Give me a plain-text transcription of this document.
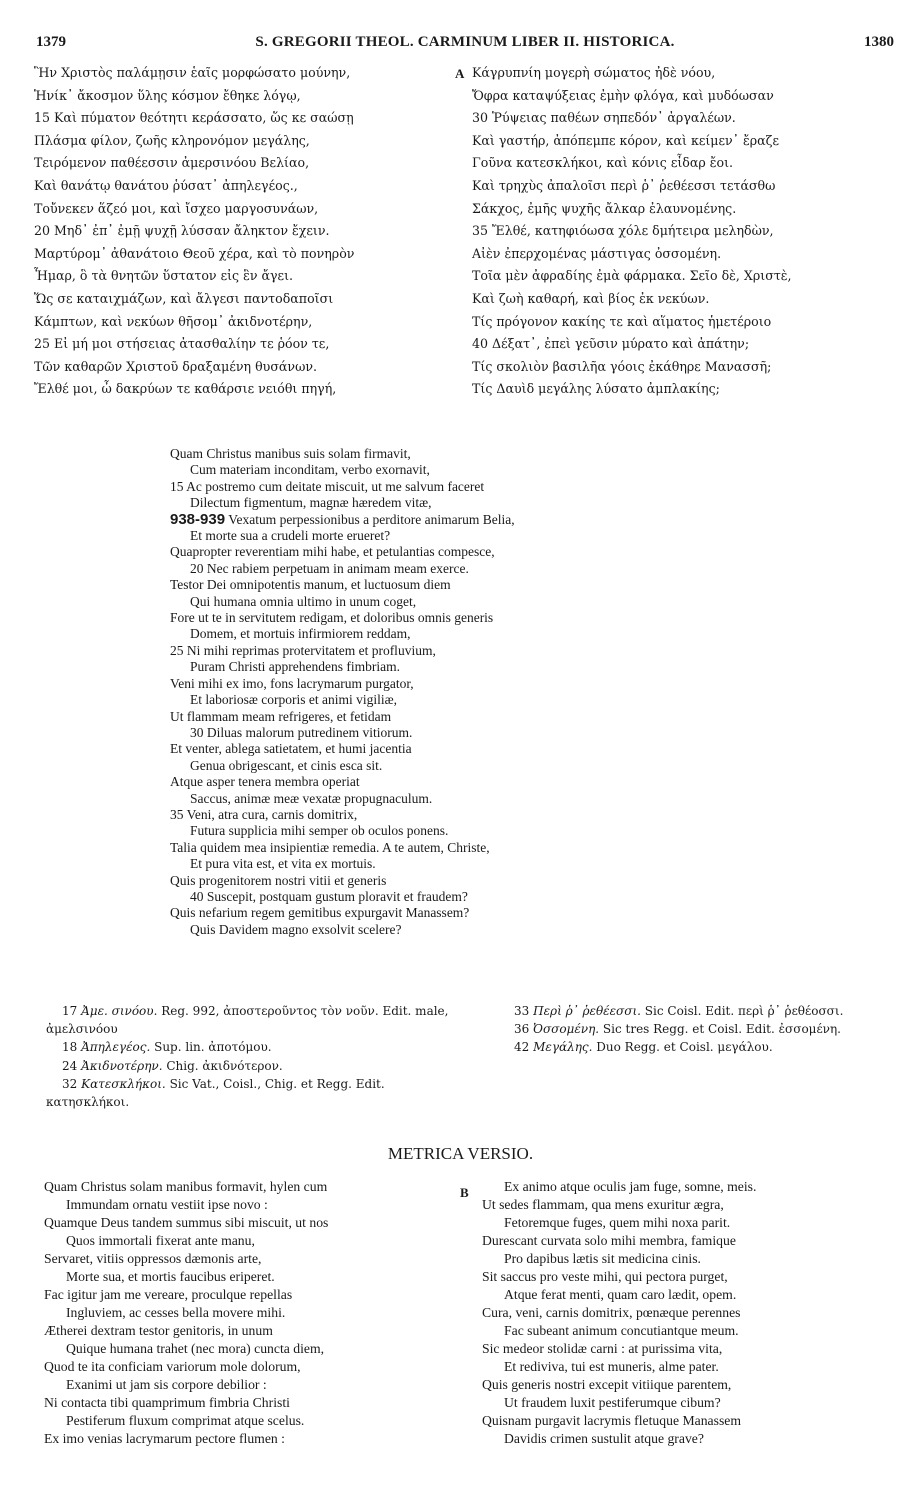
1379	S. GREGORII THEOL. CARMINUM LIBER II. HISTORICA.	1380
Ἣν Χριστὸς παλάμῃσιν ἑαῖς μορφώσατο μούνην,
Ἡνίκ᾽ ἄκοσμον ὕλης κόσμον ἔθηκε λόγῳ,
15 Καὶ πύματον θεότητι κεράσσατο, ὥς κε σαώσῃ
Πλάσμα φίλον, ζωῆς κληρονόμον μεγάλης,
Τειρόμενον παθέεσσιν ἀμερσινόου Βελίαο,
Καὶ θανάτῳ θανάτου ῥύσατ᾽ ἀπηλεγέος.,
Τοὔνεκεν ἅζεό μοι, καὶ ἴσχεο μαργοσυνάων,
20 Μηδ᾽ ἐπ᾽ ἐμῇ ψυχῇ λύσσαν ἄληκτον ἔχειν.
Μαρτύρομ᾽ ἀθανάτοιο Θεοῦ χέρα, καὶ τὸ πονηρὸν
Ἦμαρ, ὃ τὰ θνητῶν ὕστατον εἰς ἓν ἄγει.
Ὥς σε καταιχμάζων, καὶ ἄλγεσι παντοδαποῖσι
Κάμπτων, καὶ νεκύων θῆσομ᾽ ἀκιδνοτέρην,
25 Εἰ μή μοι στήσειας ἀτασθαλίην τε ῥόον τε,
Τῶν καθαρῶν Χριστοῦ δραξαμένη θυσάνων.
Ἔλθέ μοι, ὦ δακρύων τε καθάρσιε νειόθι πηγή,
A Κάγρυπνίη μογερὴ σώματος ἠδὲ νόου,
Ὄφρα καταψύξειας ἐμὴν φλόγα, καὶ μυδόωσαν
30 Ῥύψειας παθέων σηπεδόν᾽ ἀργαλέων.
Καὶ γαστήρ, ἀπόπεμπε κόρον, καὶ κείμεν᾽ ἔραζε
Γοῦνα κατεσκλήκοι, καὶ κόνις εἶδαρ ἔοι.
Καὶ τρηχὺς ἀπαλοῖσι περὶ ῥ᾽ ῥεθέεσσι τετάσθω
Σάκχος, ἐμῆς ψυχῆς ἄλκαρ ἐλαυνομένης.
35 Ἔλθέ, κατηφιόωσα χόλε δμήτειρα μεληδὼν,
Αἰὲν ἐπερχομένας μάστιγας ὀσσομένη.
Τοῖα μὲν ἀφραδίης ἐμὰ φάρμακα. Σεῖο δὲ, Χριστὲ,
Καὶ ζωὴ καθαρή, καὶ βίος ἐκ νεκύων.
Τίς πρόγονον κακίης τε καὶ αἵματος ἡμετέροιο
40 Δέξατ᾽, ἐπεὶ γεῦσιν μύρατο καὶ ἀπάτην;
Τίς σκολιὸν βασιλῆα γόοις ἐκάθηρε Μανασσῆ;
Τίς Δαυὶδ μεγάλης λύσατο ἀμπλακίης;
Quam Christus manibus suis solam firmavit,
Cum materiam inconditam, verbo exornavit,
15 Ac postremo cum deitate miscuit, ut me salvum faceret
Dilectum figmentum, magnæ hæredem vitæ,
938-939 Vexatum perpessionibus a perditore animarum Belia,
Et morte sua a crudeli morte erueret?
Quapropter reverentiam mihi habe, et petulantias compesce,
20 Nec rabiem perpetuam in animam meam exerce.
Testor Dei omnipotentis manum, et luctuosum diem
Qui humana omnia ultimo in unum coget,
Fore ut te in servitutem redigam, et doloribus omnis generis
Domem, et mortuis infirmiorem reddam,
25 Ni mihi reprimas protervitatem et profluvium,
Puram Christi apprehendens fimbriam.
Veni mihi ex imo, fons lacrymarum purgator,
Et laboriosæ corporis et animi vigiliæ,
Ut flammam meam refrigeres, et fetidam
30 Diluas malorum putredinem vitiorum.
Et venter, ablega satietatem, et humi jacentia
Genua obrigescant, et cinis esca sit.
Atque asper tenera membra operiat
Saccus, animæ meæ vexatæ propugnaculum.
35 Veni, atra cura, carnis domitrix,
Futura supplicia mihi semper ob oculos ponens.
Talia quidem mea insipientiæ remedia. A te autem, Christe,
Et pura vita est, et vita ex mortuis.
Quis progenitorem nostri vitii et generis
40 Suscepit, postquam gustum ploravit et fraudem?
Quis nefarium regem gemitibus expurgavit Manassem?
Quis Davidem magno exsolvit scelere?
17 Ἀμε. σινόου. Reg. 992, ἀποστεροῦντος τὸν νοῦν. Edit. male, ἀμελσινόου
18 Ἀπηλεγέος. Sup. lin. ἀποτόμου.
24 Ἀκιδνοτέρην. Chig. ἀκιδνότερον.
32 Κατεσκλήκοι. Sic Vat., Coisl., Chig. et Regg. Edit. κατησκλήκοι.
33 Περὶ ῥ᾽ ῥεθέεσσι. Sic Coisl. Edit. περὶ ῥ᾽ ῥεθέοσσι.
36 Ὀσσομένη. Sic tres Regg. et Coisl. Edit. ἐσσομένη.
42 Μεγάλης. Duo Regg. et Coisl. μεγάλου.
METRICA VERSIO.
Quam Christus solam manibus formavit, hylen cum
Immundam ornatu vestiit ipse novo :
Quamque Deus tandem summus sibi miscuit, ut nos
Quos immortali fixerat ante manu,
Servaret, vitiis oppressos dæmonis arte,
Morte sua, et mortis faucibus eriperet.
Fac igitur jam me vereare, proculque repellas
Ingluviem, ac cesses bella movere mihi.
Ætherei dextram testor genitoris, in unum
Quique humana trahet (nec mora) cuncta diem,
Quod te ita conficiam variorum mole dolorum,
Exanimi ut jam sis corpore debilior :
Ni contacta tibi quamprimum fimbria Christi
Pestiferum fluxum comprimat atque scelus.
Ex imo venias lacrymarum pectore flumen :
B	Ex animo atque oculis jam fuge, somne, meis.
Ut sedes flammam, qua mens exuritur ægra,
Fetoremque fuges, quem mihi noxa parit.
Durescant curvata solo mihi membra, famique
Pro dapibus lætis sit medicina cinis.
Sit saccus pro veste mihi, qui pectora purget,
Atque ferat menti, quam caro lædit, opem.
Cura, veni, carnis domitrix, pœnæque perennes
Fac subeant animum concutiantque meum.
Sic medeor stolidæ carni : at purissima vita,
Et rediviva, tui est muneris, alme pater.
Quis generis nostri excepit vitiique parentem,
Ut fraudem luxit pestiferumque cibum?
Quisnam purgavit lacrymis fletuque Manassem
Davidis crimen sustulit atque grave?
